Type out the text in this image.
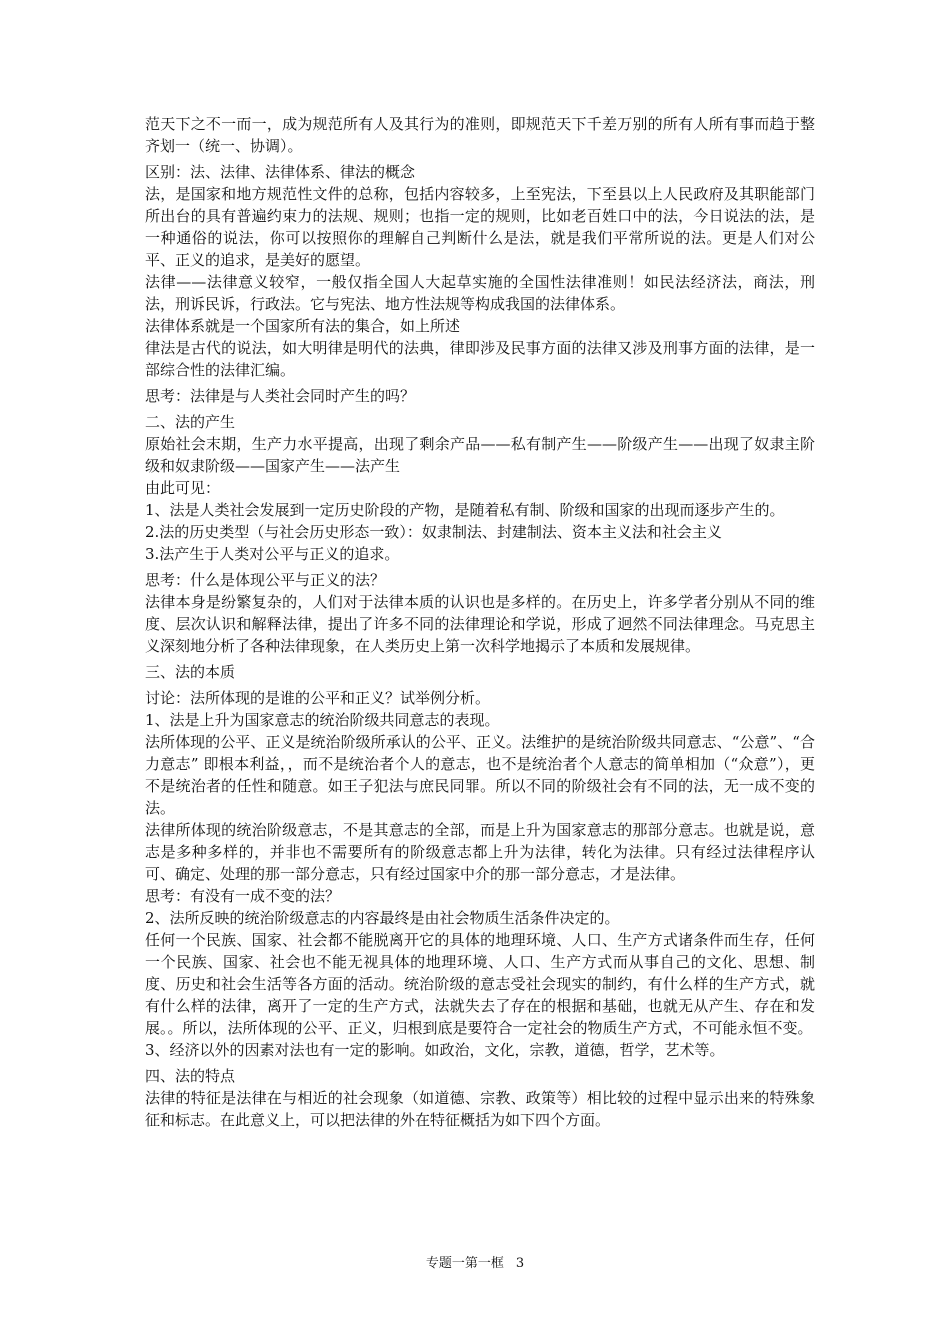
范天下之不一而一，成为规范所有人及其行为的准则，即规范天下千差万别的所有人所有事而趋于整齐划一（统一、协调）。

区别：法、法律、法律体系、律法的概念

法，是国家和地方规范性文件的总称，包括内容较多，上至宪法，下至县以上人民政府及其职能部门所出台的具有普遍约束力的法规、规则；也指一定的规则，比如老百姓口中的法，今日说法的法，是一种通俗的说法，你可以按照你的理解自己判断什么是法，就是我们平常所说的法。更是人们对公平、正义的追求，是美好的愿望。

法律——法律意义较窄，一般仅指全国人大起草实施的全国性法律准则！如民法经济法，商法，刑法，刑诉民诉，行政法。它与宪法、地方性法规等构成我国的法律体系。

法律体系就是一个国家所有法的集合，如上所述

律法是古代的说法，如大明律是明代的法典，律即涉及民事方面的法律又涉及刑事方面的法律，是一部综合性的法律汇编。

思考：法律是与人类社会同时产生的吗？

二、法的产生

原始社会末期，生产力水平提高，出现了剩余产品——私有制产生——阶级产生——出现了奴隶主阶级和奴隶阶级——国家产生——法产生

由此可见：

1、法是人类社会发展到一定历史阶段的产物，是随着私有制、阶级和国家的出现而逐步产生的。

2.法的历史类型（与社会历史形态一致）：奴隶制法、封建制法、资本主义法和社会主义

3.法产生于人类对公平与正义的追求。

思考：什么是体现公平与正义的法？

法律本身是纷繁复杂的，人们对于法律本质的认识也是多样的。在历史上，许多学者分别从不同的维度、层次认识和解释法律，提出了许多不同的法律理论和学说，形成了迥然不同法律理念。马克思主义深刻地分析了各种法律现象，在人类历史上第一次科学地揭示了本质和发展规律。

三、法的本质

讨论：法所体现的是谁的公平和正义？试举例分析。

1、法是上升为国家意志的统治阶级共同意志的表现。

法所体现的公平、正义是统治阶级所承认的公平、正义。法维护的是统治阶级共同意志、“公意”、“合力意志” 即根本利益，，而不是统治者个人的意志，也不是统治者个人意志的简单相加（“众意”），更不是统治者的任性和随意。如王子犯法与庶民同罪。所以不同的阶级社会有不同的法，无一成不变的法。

法律所体现的统治阶级意志，不是其意志的全部，而是上升为国家意志的那部分意志。也就是说，意志是多种多样的，并非也不需要所有的阶级意志都上升为法律，转化为法律。只有经过法律程序认可、确定、处理的那一部分意志，只有经过国家中介的那一部分意志，才是法律。

思考：有没有一成不变的法？

2、法所反映的统治阶级意志的内容最终是由社会物质生活条件决定的。

任何一个民族、国家、社会都不能脱离开它的具体的地理环境、人口、生产方式诸条件而生存，任何一个民族、国家、社会也不能无视具体的地理环境、人口、生产方式而从事自己的文化、思想、制度、历史和社会生活等各方面的活动。统治阶级的意志受社会现实的制约，有什么样的生产方式，就有什么样的法律，离开了一定的生产方式，法就失去了存在的根据和基础，也就无从产生、存在和发展。。所以，法所体现的公平、正义，归根到底是要符合一定社会的物质生产方式，不可能永恒不变。

3、经济以外的因素对法也有一定的影响。如政治，文化，宗教，道德，哲学，艺术等。

四、法的特点

法律的特征是法律在与相近的社会现象（如道德、宗教、政策等）相比较的过程中显示出来的特殊象征和标志。在此意义上，可以把法律的外在特征概括为如下四个方面。

专题一第一框 3
